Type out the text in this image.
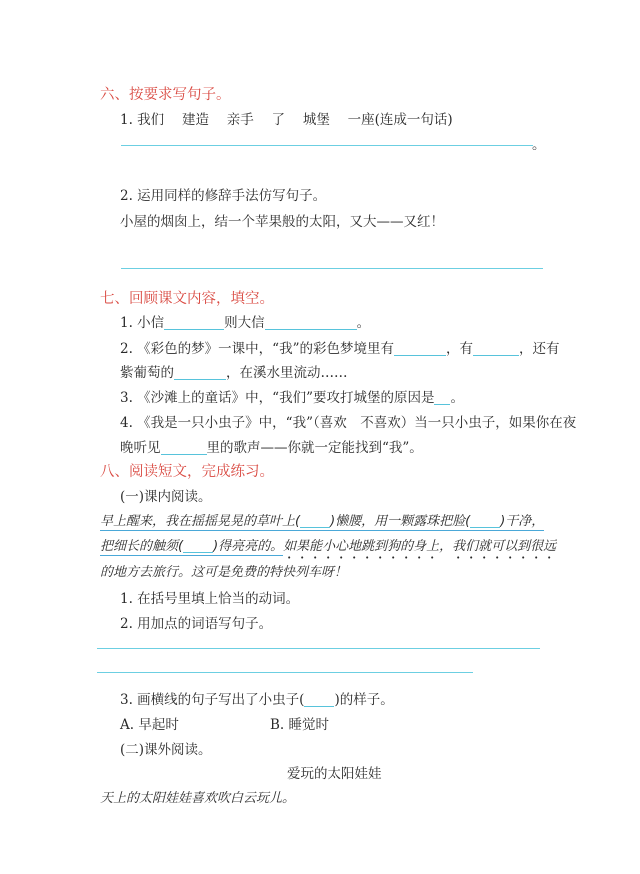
六、按要求写句子。
1. 我们　 建造　 亲手　 了　 城堡　 一座(连成一句话)
。
2. 运用同样的修辞手法仿写句子。
小屋的烟囱上，结一个苹果般的太阳，又大——又红！
七、回顾课文内容，填空。
1. 小信	则大信	。
2. 《彩色的梦》一课中，“我”的彩色梦境里有	，有	，还有
紫葡萄的	，在溪水里流动……
3. 《沙滩上的童话》中，“我们”要攻打城堡的原因是 。
4. 《我是一只小虫子》中，“我”（喜欢　不喜欢）当一只小虫子，如果你在夜
晚听见	里的歌声——你就一定能找到“我”。
八、阅读短文，完成练习。
(一)课内阅读。
早上醒来，我在摇摇晃晃的草叶上( )懒腰，用一颗露珠把脸( )干净，
把细长的触须( )得亮亮的。如果能小心地跳到狗的身上，我们就可以到很远
的地方去旅行。这可是免费的特快列车呀！
1. 在括号里填上恰当的动词。
2. 用加点的词语写句子。
3. 画横线的句子写出了小虫子( )的样子。
A. 早起时	B. 睡觉时
(二)课外阅读。
爱玩的太阳娃娃
天上的太阳娃娃喜欢吹白云玩儿。
